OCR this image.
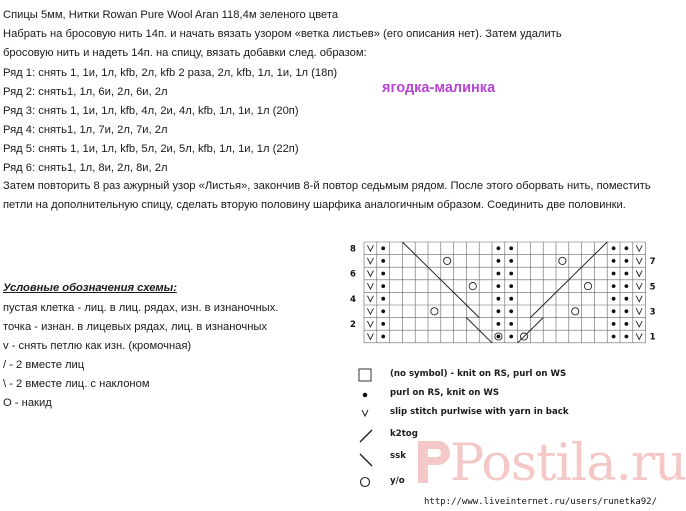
Спицы 5мм, Нитки Rowan Pure Wool Aran 118,4м зеленого цвета
Набрать на бросовую нить 14п. и начать вязать узором «ветка листьев» (его описания нет). Затем удалить
бросовую нить и надеть 14п. на спицу, вязать добавки след. образом:
Ряд 1: снять 1, 1и, 1л, kfb, 2л, kfb 2 раза, 2л, kfb, 1л, 1и, 1л (18п)
Ряд 2: снять1, 1л, 6и, 2л, 6и, 2л
Ряд 3: снять 1, 1и, 1л, kfb, 4л, 2и, 4л, kfb, 1л, 1и, 1л (20п)
Ряд 4: снять1, 1л, 7и, 2л, 7и, 2л
Ряд 5: снять 1, 1и, 1л, kfb, 5л, 2и, 5л, kfb, 1л, 1и, 1л (22п)
Ряд 6: снять1, 1л, 8и, 2л, 8и, 2л
ягодка-малинка
Затем повторить 8 раз ажурный узор «Листья», закончив 8-й повтор седьмым рядом. После этого оборвать нить, поместить петли на дополнительную спицу, сделать вторую половину шарфика аналогичным образом. Соединить две половинки.
Условные обозначения схемы:
пустая клетка - лиц. в лиц. рядах, изн. в изнаночных.
точка - изнан. в лицевых рядах, лиц. в изнаночных
v - снять петлю как изн. (кромочная)
/ - 2 вместе лиц
\ - 2 вместе лиц. с наклоном
O - накид
8
6
4
2
7
5
3
1
(no symbol) - knit on RS, purl on WS
purl on RS, knit on WS
slip stitch purlwise with yarn in back
k2tog
ssk
y/o Postila.ru
http://www.liveinternet.ru/users/runetka92/
